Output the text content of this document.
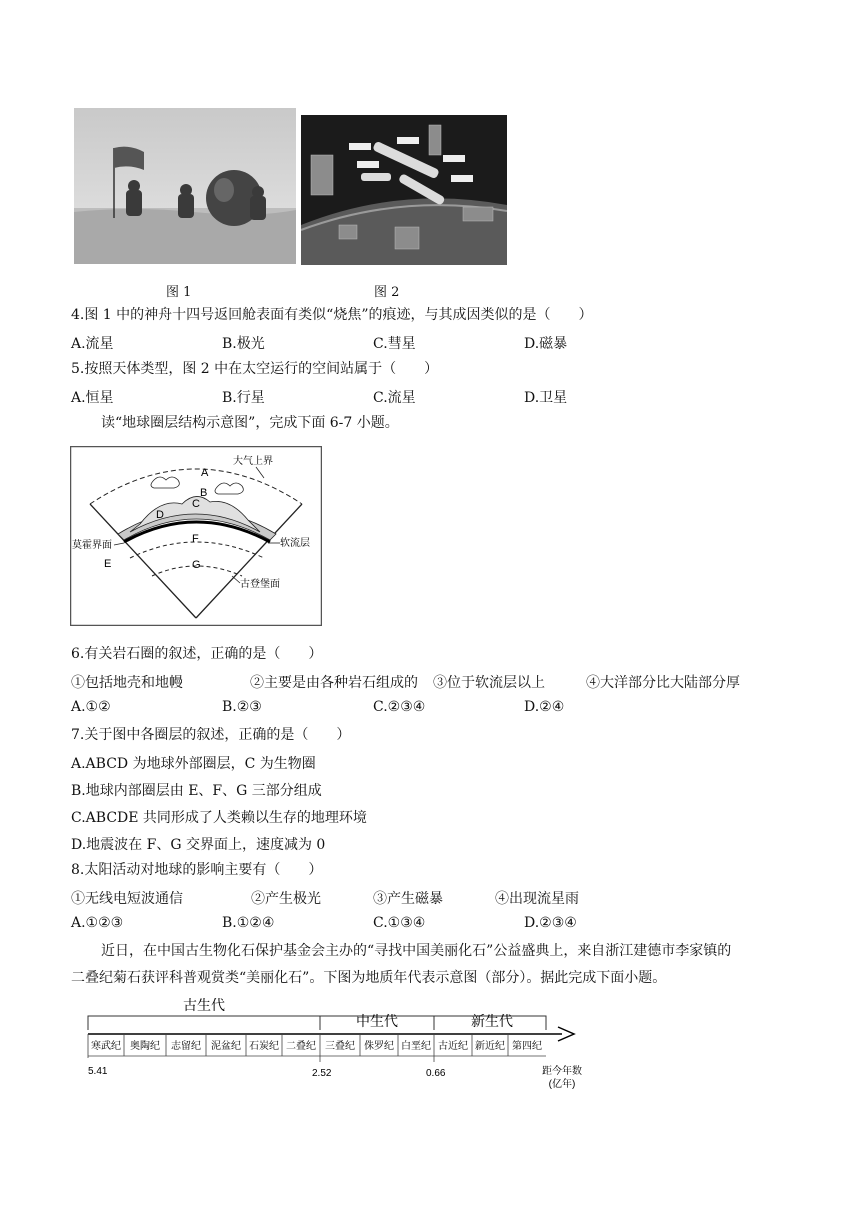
图 1	图 2
4.图 1 中的神舟十四号返回舱表面有类似“烧焦”的痕迹，与其成因类似的是（　　）
A.流星	B.极光	C.彗星	D.磁暴
5.按照天体类型，图 2 中在太空运行的空间站属于（　　）
A.恒星	B.行星	C.流星	D.卫星
读“地球圈层结构示意图”，完成下面 6-7 小题。
A
B
C
D
E
F
G
大气上界
莫霍界面	软流层
古登堡面
6.有关岩石圈的叙述，正确的是（　　）
①包括地壳和地幔	②主要是由各种岩石组成的 ③位于软流层以上	④大洋部分比大陆部分厚
A.①②	B.②③	C.②③④	D.②④
7.关于图中各圈层的叙述，正确的是（　　）
A.ABCD 为地球外部圈层，C 为生物圈
B.地球内部圈层由 E、F、G 三部分组成
C.ABCDE 共同形成了人类赖以生存的地理环境
D.地震波在 F、G 交界面上，速度减为 0
8.太阳活动对地球的影响主要有（　　）
①无线电短波通信	②产生极光	③产生磁暴	④出现流星雨
A.①②③	B.①②④	C.①③④	D.②③④
近日，在中国古生物化石保护基金会主办的“寻找中国美丽化石”公益盛典上，来自浙江建德市李家镇的
二叠纪菊石获评科普观赏类“美丽化石”。下图为地质年代表示意图（部分）。据此完成下面小题。
古生代
中生代	新生代
寒武纪 奥陶纪 志留纪 泥盆纪 石炭纪 二叠纪 三叠纪 侏罗纪 白垩纪 古近纪 新近纪 第四纪
5.41	2.52	0.66	距今年数
(亿年)
